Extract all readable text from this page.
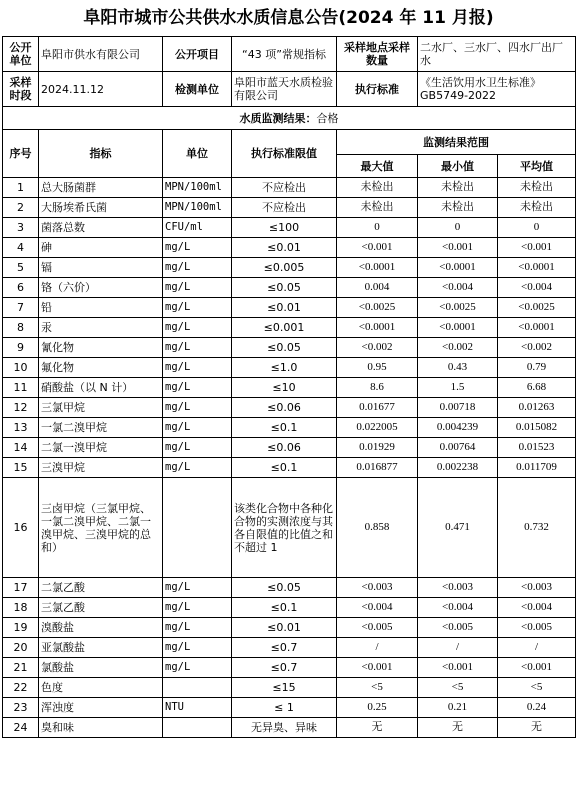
阜阳市城市公共供水水质信息公告(2024 年 11 月报)
公开单位	阜阳市供水有限公司	公开项目	“43 项”常规指标	采样地点采样数量	二水厂、三水厂、四水厂出厂水	
采样时段	2024.11.12	检测单位	阜阳市蓝天水质检验有限公司	执行标准	《生活饮用水卫生标准》GB5749-2022	
水质监测结果：合格						
序号	指标	单位	执行标准限值	监测结果范围		
				最大值	最小值	平均值
1	总大肠菌群	MPN/100ml	不应检出	未检出	未检出	未检出
2	大肠埃希氏菌	MPN/100ml	不应检出	未检出	未检出	未检出
3	菌落总数	CFU/ml	≤100	0	0	0
4	砷	mg/L	≤0.01	<0.001	<0.001	<0.001
5	镉	mg/L	≤0.005	<0.0001	<0.0001	<0.0001
6	铬（六价）	mg/L	≤0.05	0.004	<0.004	<0.004
7	铅	mg/L	≤0.01	<0.0025	<0.0025	<0.0025
8	汞	mg/L	≤0.001	<0.0001	<0.0001	<0.0001
9	氰化物	mg/L	≤0.05	<0.002	<0.002	<0.002
10	氟化物	mg/L	≤1.0	0.95	0.43	0.79
11	硝酸盐（以 N 计）	mg/L	≤10	8.6	1.5	6.68
12	三氯甲烷	mg/L	≤0.06	0.01677	0.00718	0.01263
13	一氯二溴甲烷	mg/L	≤0.1	0.022005	0.004239	0.015082
14	二氯一溴甲烷	mg/L	≤0.06	0.01929	0.00764	0.01523
15	三溴甲烷	mg/L	≤0.1	0.016877	0.002238	0.011709
16	三卤甲烷（三氯甲烷、一氯二溴甲烷、二氯一溴甲烷、三溴甲烷的总和）		该类化合物中各种化合物的实测浓度与其各自限值的比值之和不超过 1	0.858	0.471	0.732
17	二氯乙酸	mg/L	≤0.05	<0.003	<0.003	<0.003
18	三氯乙酸	mg/L	≤0.1	<0.004	<0.004	<0.004
19	溴酸盐	mg/L	≤0.01	<0.005	<0.005	<0.005
20	亚氯酸盐	mg/L	≤0.7	/	/	/
21	氯酸盐	mg/L	≤0.7	<0.001	<0.001	<0.001
22	色度		≤15	<5	<5	<5
23	浑浊度	NTU	≤ 1	0.25	0.21	0.24
24	臭和味		无异臭、异味	无	无	无
